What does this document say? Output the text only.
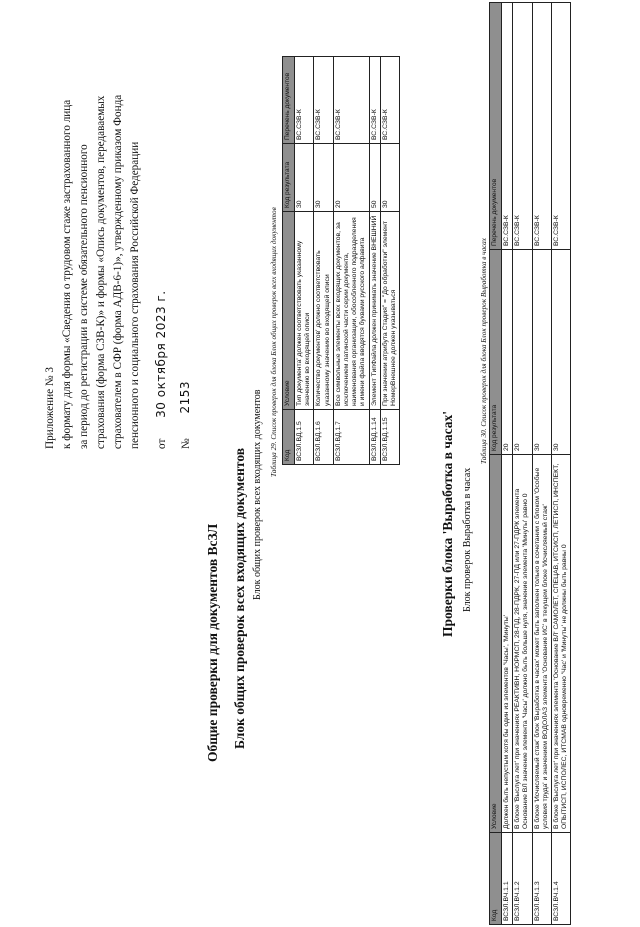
Приложение № 3 к формату для формы «Сведения о трудовом стаже застрахованного лица за период до регистрации в системе обязательного пенсионного страхования (форма СЗВ-К)» и формы «Опись документов, передаваемых страхователем в СФР (форма АДВ-6-1)», утвержденному приказом Фонда пенсионного и социального страхования Российской Федерации от 30 октября 2023 г.
№ 2153
Общие проверки для документов ВсЗЛ Блок общих проверок всех входящих документов Блок общих проверок всех входящих документов
Таблица 29. Список проверок для блока Блок общих проверок всех входящих документов Код	Условие	Код результата	Перечень документов
ВСЗЛ.ВД.1.5	Тип документа' должен соответствовать указанному значению во входящей описи	30	ВС.СЗВ-К
ВСЗЛ.ВД.1.6	Количество документов' должно соответствовать указанному значению во входящей описи	30	ВС.СЗВ-К
ВСЗЛ.ВД.1.7	Все символьные элементы всех входящих документов, за исключением латинской части серии документа, наименования организации, обособленного подразделения и имени файла вводятся буквами русского алфавита	20	ВС.СЗВ-К
ВСЗЛ.ВД.1.14	Элемент ТипФайла должен принимать значение ВНЕШНИЙ	50	ВС.СЗВ-К
ВСЗЛ.ВД.1.15	При значении атрибута Стадия" = "До обработки" элемент НомерВнешнее должен указываться	30	ВС.СЗВ-К
Проверки блока 'Выработка в часах' Блок проверок Выработка в часах
Таблица 30. Список проверок для блока Блок проверок Выработка в часах
Код	Условие	Код результата	Перечень документов
ВСЗЛ.ВЧ.1.1	Должен быть непустым хотя бы один из элементов 'Часы', 'Минуты'	20	ВС.СЗВ-К
ВСЗЛ.ВЧ.1.2	В блоке 'Выслуга лет' при значениях РЕАКТИВН, НОРМСП, 28-ПД, 28-ПДРК, 27-ПД или 27-ПДРК элемента Основание ВЛ значение элемента 'Часы' должно быть больше нуля, значение элемента 'Минуты' равно 0	20	ВС.СЗВ-К
ВСЗЛ.ВЧ.1.3	В блоке 'Исчисляемый стаж' блок 'Выработка в часах' может быть заполнен только в сочетании с блоком 'Особые условия труда' и значением ВОДОЛАЗ элемента 'Основание ИС' в текущем блоке 'Исчисляемый стаж'	30	ВС.СЗВ-К
ВСЗЛ.ВЧ.1.4	В блоке 'Выслуга лет' при значениях элемента 'Основание ВЛ' САМОЛЕТ, СПЕЦАВ, ИТСИСП, ЛЕТИСП, ИНСПЕКТ, ОПЫТИСП, ИСПОЛЕС, ИТСМАВ одновременно 'Час' и 'Минуты' не должны быть равны 0	30	ВС.СЗВ-К
